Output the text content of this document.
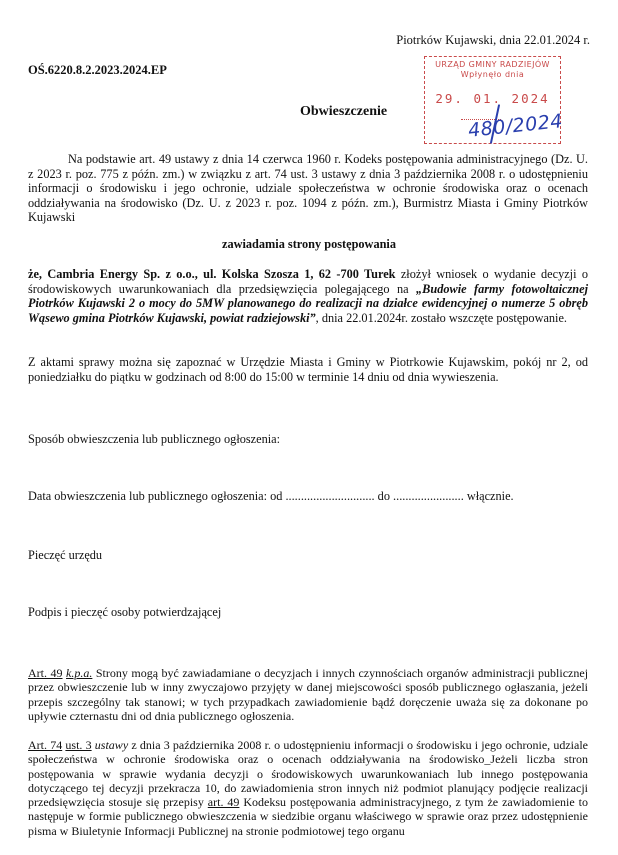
Piotrków Kujawski, dnia 22.01.2024 r.
OŚ.6220.8.2.2023.2024.EP	URZĄD GMINY RADZIEJÓW
Wpłynęło dnia
29. 01. 2024
480/2024
Obwieszczenie
Na podstawie art. 49 ustawy z dnia 14 czerwca 1960 r. Kodeks postępowania administracyjnego (Dz. U. z 2023 r. poz. 775 z późn. zm.) w związku z art. 74 ust. 3 ustawy z dnia 3 października 2008 r. o udostępnieniu informacji o środowisku i jego ochronie, udziale społeczeństwa w ochronie środowiska oraz o ocenach oddziaływania na środowisko (Dz. U. z 2023 r. poz. 1094 z późn. zm.), Burmistrz Miasta i Gminy Piotrków Kujawski
zawiadamia strony postępowania
że, Cambria Energy Sp. z o.o., ul. Kolska Szosza 1, 62 -700 Turek złożył wniosek o wydanie decyzji o środowiskowych uwarunkowaniach dla przedsięwzięcia polegającego na „Budowie farmy fotowoltaicznej Piotrków Kujawski 2 o mocy do 5MW planowanego do realizacji na działce ewidencyjnej o numerze 5 obręb Wąsewo gmina Piotrków Kujawski, powiat radziejowski”, dnia 22.01.2024r. zostało wszczęte postępowanie.
Z aktami sprawy można się zapoznać w Urzędzie Miasta i Gminy w Piotrkowie Kujawskim, pokój nr 2, od poniedziałku do piątku w godzinach od 8:00 do 15:00 w terminie 14 dniu od dnia wywieszenia.
Sposób obwieszczenia lub publicznego ogłoszenia:
Data obwieszczenia lub publicznego ogłoszenia: od ............................. do ....................... włącznie.
Pieczęć urzędu
Podpis i pieczęć osoby potwierdzającej
Art. 49 k.p.a. Strony mogą być zawiadamiane o decyzjach i innych czynnościach organów administracji publicznej przez obwieszczenie lub w inny zwyczajowo przyjęty w danej miejscowości sposób publicznego ogłaszania, jeżeli przepis szczególny tak stanowi; w tych przypadkach zawiadomienie bądź doręczenie uważa się za dokonane po upływie czternastu dni od dnia publicznego ogłoszenia.
Art. 74 ust. 3 ustawy z dnia 3 października 2008 r. o udostępnieniu informacji o środowisku i jego ochronie, udziale społeczeństwa w ochronie środowiska oraz o ocenach oddziaływania na środowisko_Jeżeli liczba stron postępowania w sprawie wydania decyzji o środowiskowych uwarunkowaniach lub innego postępowania dotyczącego tej decyzji przekracza 10, do zawiadomienia stron innych niż podmiot planujący podjęcie realizacji przedsięwzięcia stosuje się przepisy art. 49 Kodeksu postępowania administracyjnego, z tym że zawiadomienie to następuje w formie publicznego obwieszczenia w siedzibie organu właściwego w sprawie oraz przez udostępnienie pisma w Biuletynie Informacji Publicznej na stronie podmiotowej tego organu
